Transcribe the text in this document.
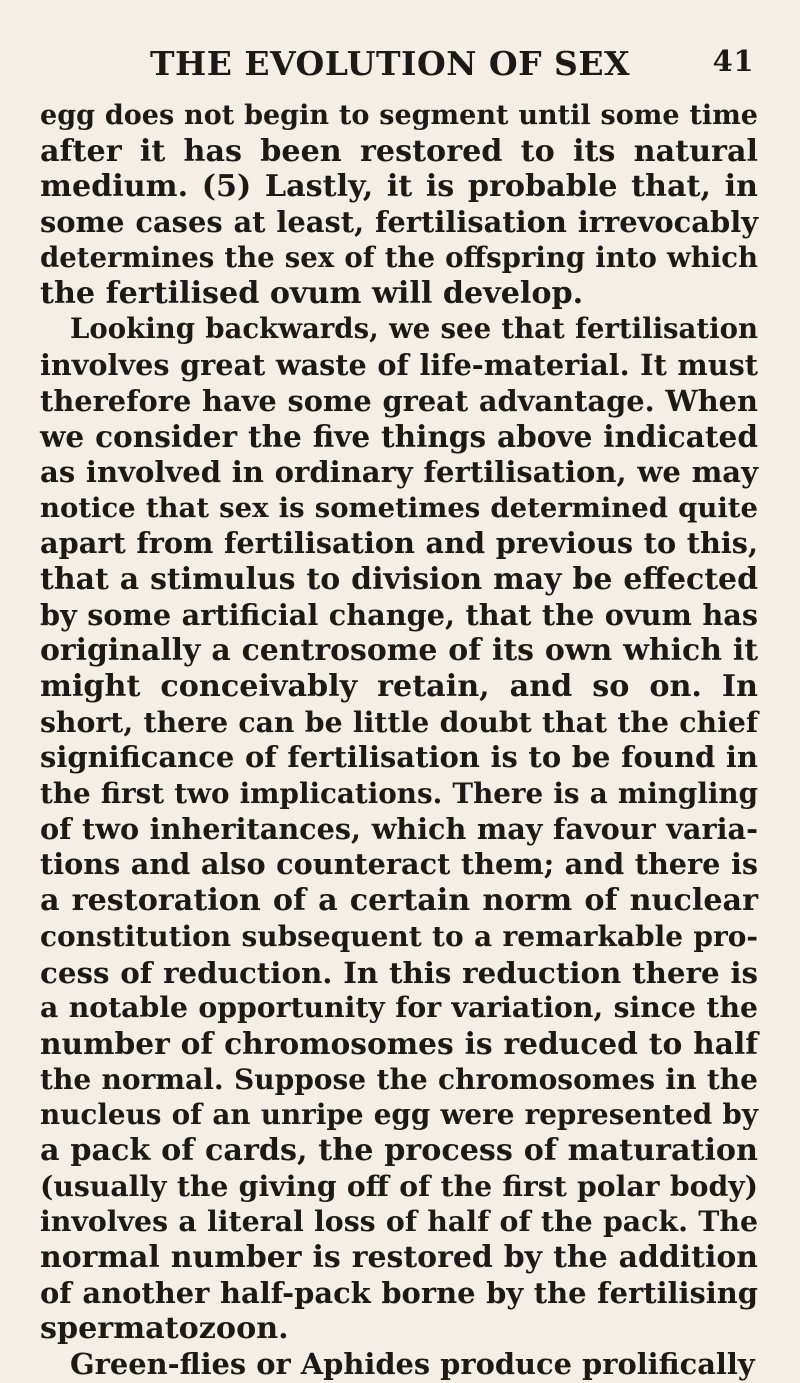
THE EVOLUTION OF SEX	41
egg does not begin to segment until some time
after it has been restored to its natural
medium. (5) Lastly, it is probable that, in
some cases at least, fertilisation irrevocably
determines the sex of the offspring into which
the fertilised ovum will develop.
Looking backwards, we see that fertilisation
involves great waste of life-material. It must
therefore have some great advantage. When
we consider the five things above indicated
as involved in ordinary fertilisation, we may
notice that sex is sometimes determined quite
apart from fertilisation and previous to this,
that a stimulus to division may be effected
by some artificial change, that the ovum has
originally a centrosome of its own which it
might conceivably retain, and so on. In
short, there can be little doubt that the chief
significance of fertilisation is to be found in
the first two implications. There is a mingling
of two inheritances, which may favour varia-
tions and also counteract them; and there is
a restoration of a certain norm of nuclear
constitution subsequent to a remarkable pro-
cess of reduction. In this reduction there is
a notable opportunity for variation, since the
number of chromosomes is reduced to half
the normal. Suppose the chromosomes in the
nucleus of an unripe egg were represented by
a pack of cards, the process of maturation
(usually the giving off of the first polar body)
involves a literal loss of half of the pack. The
normal number is restored by the addition
of another half-pack borne by the fertilising
spermatozoon.
Green-flies or Aphides produce prolifically
